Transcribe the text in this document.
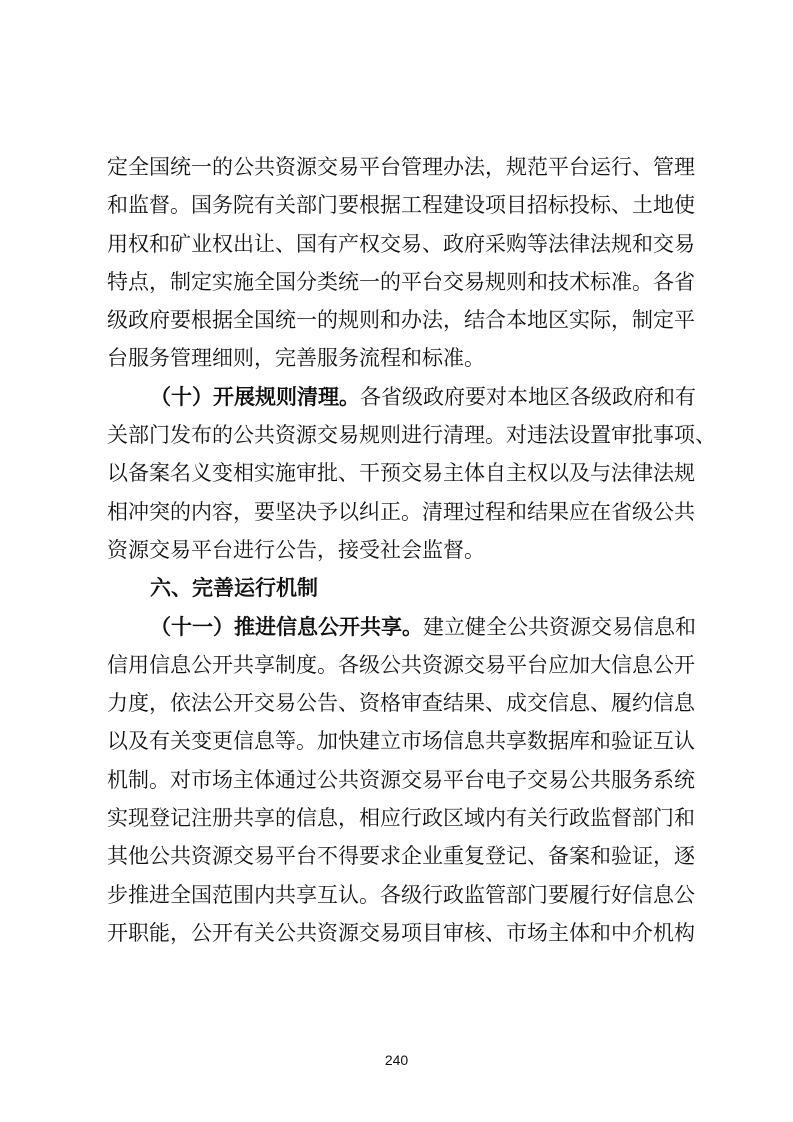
定全国统一的公共资源交易平台管理办法，规范平台运行、管理
和监督。国务院有关部门要根据工程建设项目招标投标、土地使
用权和矿业权出让、国有产权交易、政府采购等法律法规和交易
特点，制定实施全国分类统一的平台交易规则和技术标准。各省
级政府要根据全国统一的规则和办法，结合本地区实际，制定平
台服务管理细则，完善服务流程和标准。
（十）开展规则清理。各省级政府要对本地区各级政府和有
关部门发布的公共资源交易规则进行清理。对违法设置审批事项、
以备案名义变相实施审批、干预交易主体自主权以及与法律法规
相冲突的内容，要坚决予以纠正。清理过程和结果应在省级公共
资源交易平台进行公告，接受社会监督。
六、完善运行机制
（十一）推进信息公开共享。建立健全公共资源交易信息和
信用信息公开共享制度。各级公共资源交易平台应加大信息公开
力度，依法公开交易公告、资格审查结果、成交信息、履约信息
以及有关变更信息等。加快建立市场信息共享数据库和验证互认
机制。对市场主体通过公共资源交易平台电子交易公共服务系统
实现登记注册共享的信息，相应行政区域内有关行政监督部门和
其他公共资源交易平台不得要求企业重复登记、备案和验证，逐
步推进全国范围内共享互认。各级行政监管部门要履行好信息公
开职能，公开有关公共资源交易项目审核、市场主体和中介机构
240
